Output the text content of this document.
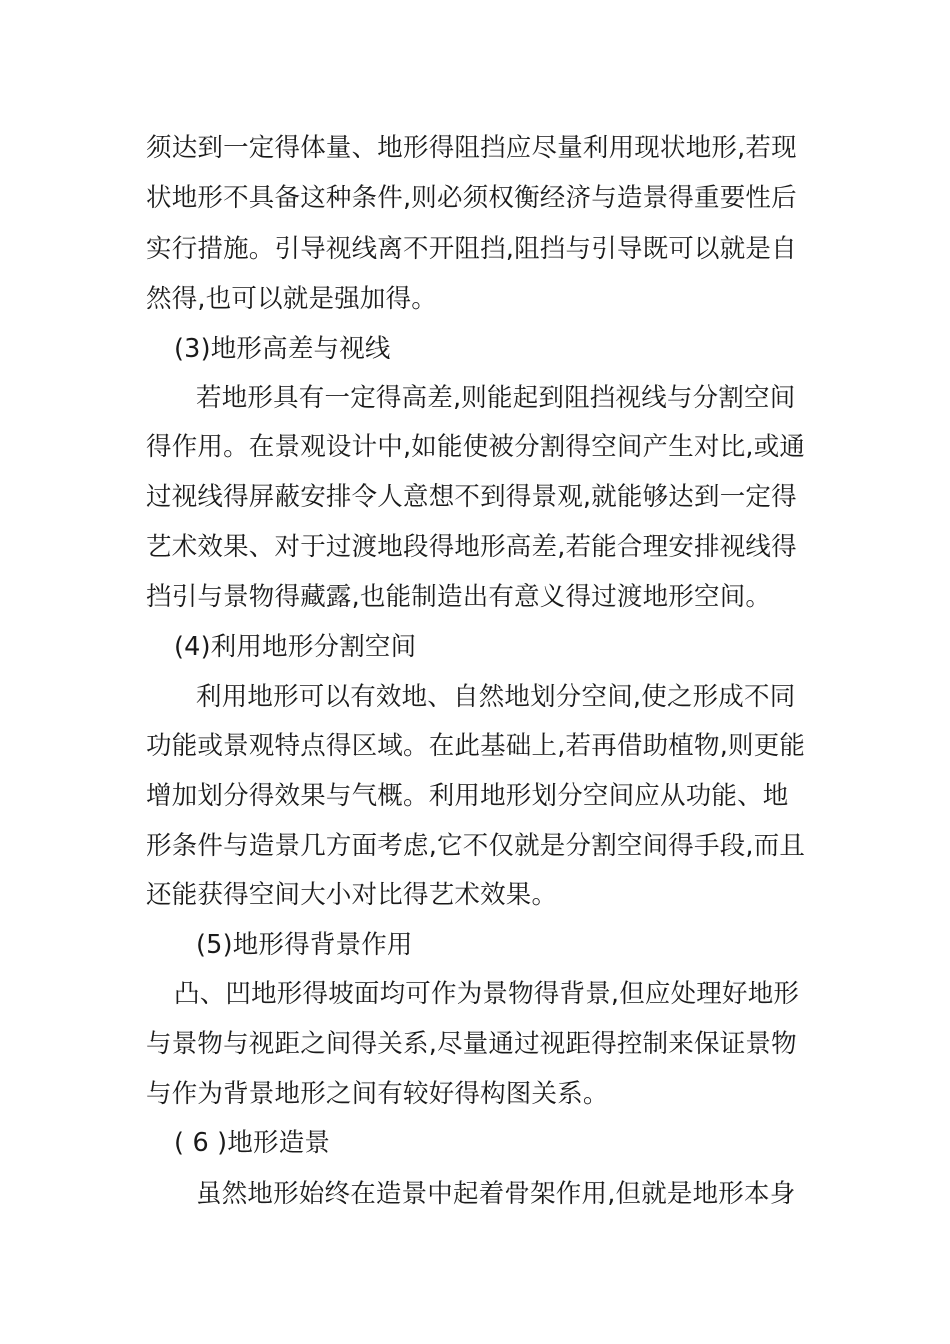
须达到一定得体量、地形得阻挡应尽量利用现状地形,若现
状地形不具备这种条件,则必须权衡经济与造景得重要性后
实行措施。引导视线离不开阻挡,阻挡与引导既可以就是自
然得,也可以就是强加得。
(3)地形高差与视线
若地形具有一定得高差,则能起到阻挡视线与分割空间
得作用。在景观设计中,如能使被分割得空间产生对比,或通
过视线得屏蔽安排令人意想不到得景观,就能够达到一定得
艺术效果、对于过渡地段得地形高差,若能合理安排视线得
挡引与景物得藏露,也能制造出有意义得过渡地形空间。
(4)利用地形分割空间
利用地形可以有效地、自然地划分空间,使之形成不同
功能或景观特点得区域。在此基础上,若再借助植物,则更能
增加划分得效果与气概。利用地形划分空间应从功能、地
形条件与造景几方面考虑,它不仅就是分割空间得手段,而且
还能获得空间大小对比得艺术效果。
(5)地形得背景作用
凸、凹地形得坡面均可作为景物得背景,但应处理好地形
与景物与视距之间得关系,尽量通过视距得控制来保证景物
与作为背景地形之间有较好得构图关系。
( 6 )地形造景
虽然地形始终在造景中起着骨架作用,但就是地形本身
